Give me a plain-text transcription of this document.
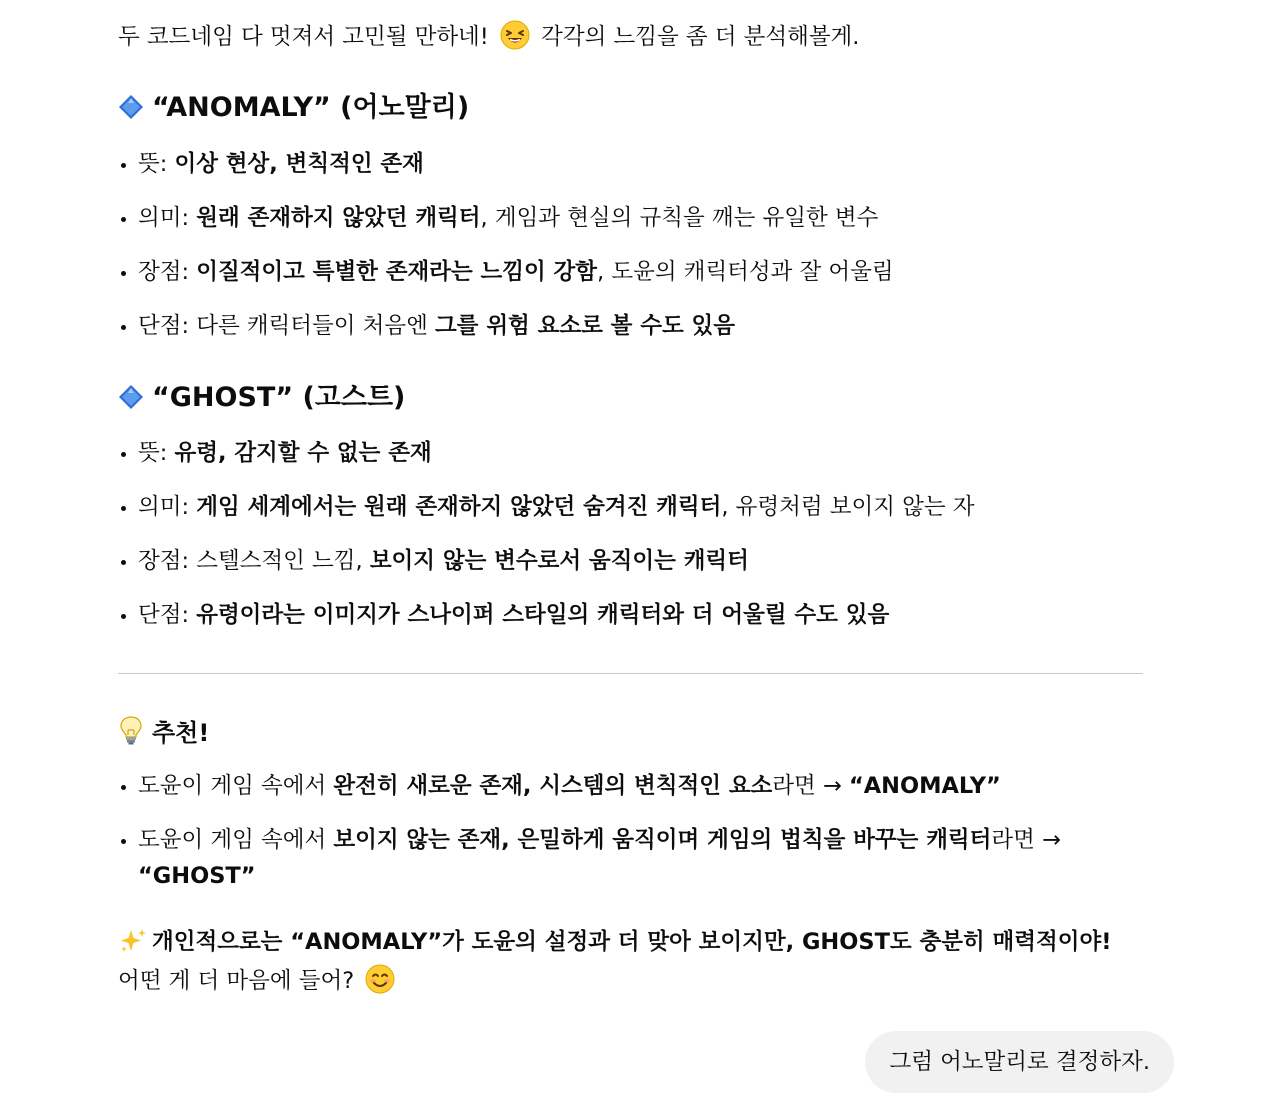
두 코드네임 다 멋져서 고민될 만하네! 각각의 느낌을 좀 더 분석해볼게.
“ANOMALY” (어노말리)
뜻: 이상 현상, 변칙적인 존재
의미: 원래 존재하지 않았던 캐릭터, 게임과 현실의 규칙을 깨는 유일한 변수
장점: 이질적이고 특별한 존재라는 느낌이 강함, 도윤의 캐릭터성과 잘 어울림
단점: 다른 캐릭터들이 처음엔 그를 위험 요소로 볼 수도 있음
“GHOST” (고스트)
뜻: 유령, 감지할 수 없는 존재
의미: 게임 세계에서는 원래 존재하지 않았던 숨겨진 캐릭터, 유령처럼 보이지 않는 자
장점: 스텔스적인 느낌, 보이지 않는 변수로서 움직이는 캐릭터
단점: 유령이라는 이미지가 스나이퍼 스타일의 캐릭터와 더 어울릴 수도 있음
추천!
도윤이 게임 속에서 완전히 새로운 존재, 시스템의 변칙적인 요소라면 → “ANOMALY”
도윤이 게임 속에서 보이지 않는 존재, 은밀하게 움직이며 게임의 법칙을 바꾸는 캐릭터라면 →
“GHOST”
개인적으로는 “ANOMALY”가 도윤의 설정과 더 맞아 보이지만, GHOST도 충분히 매력적이야!
어떤 게 더 마음에 들어?
그럼 어노말리로 결정하자.
